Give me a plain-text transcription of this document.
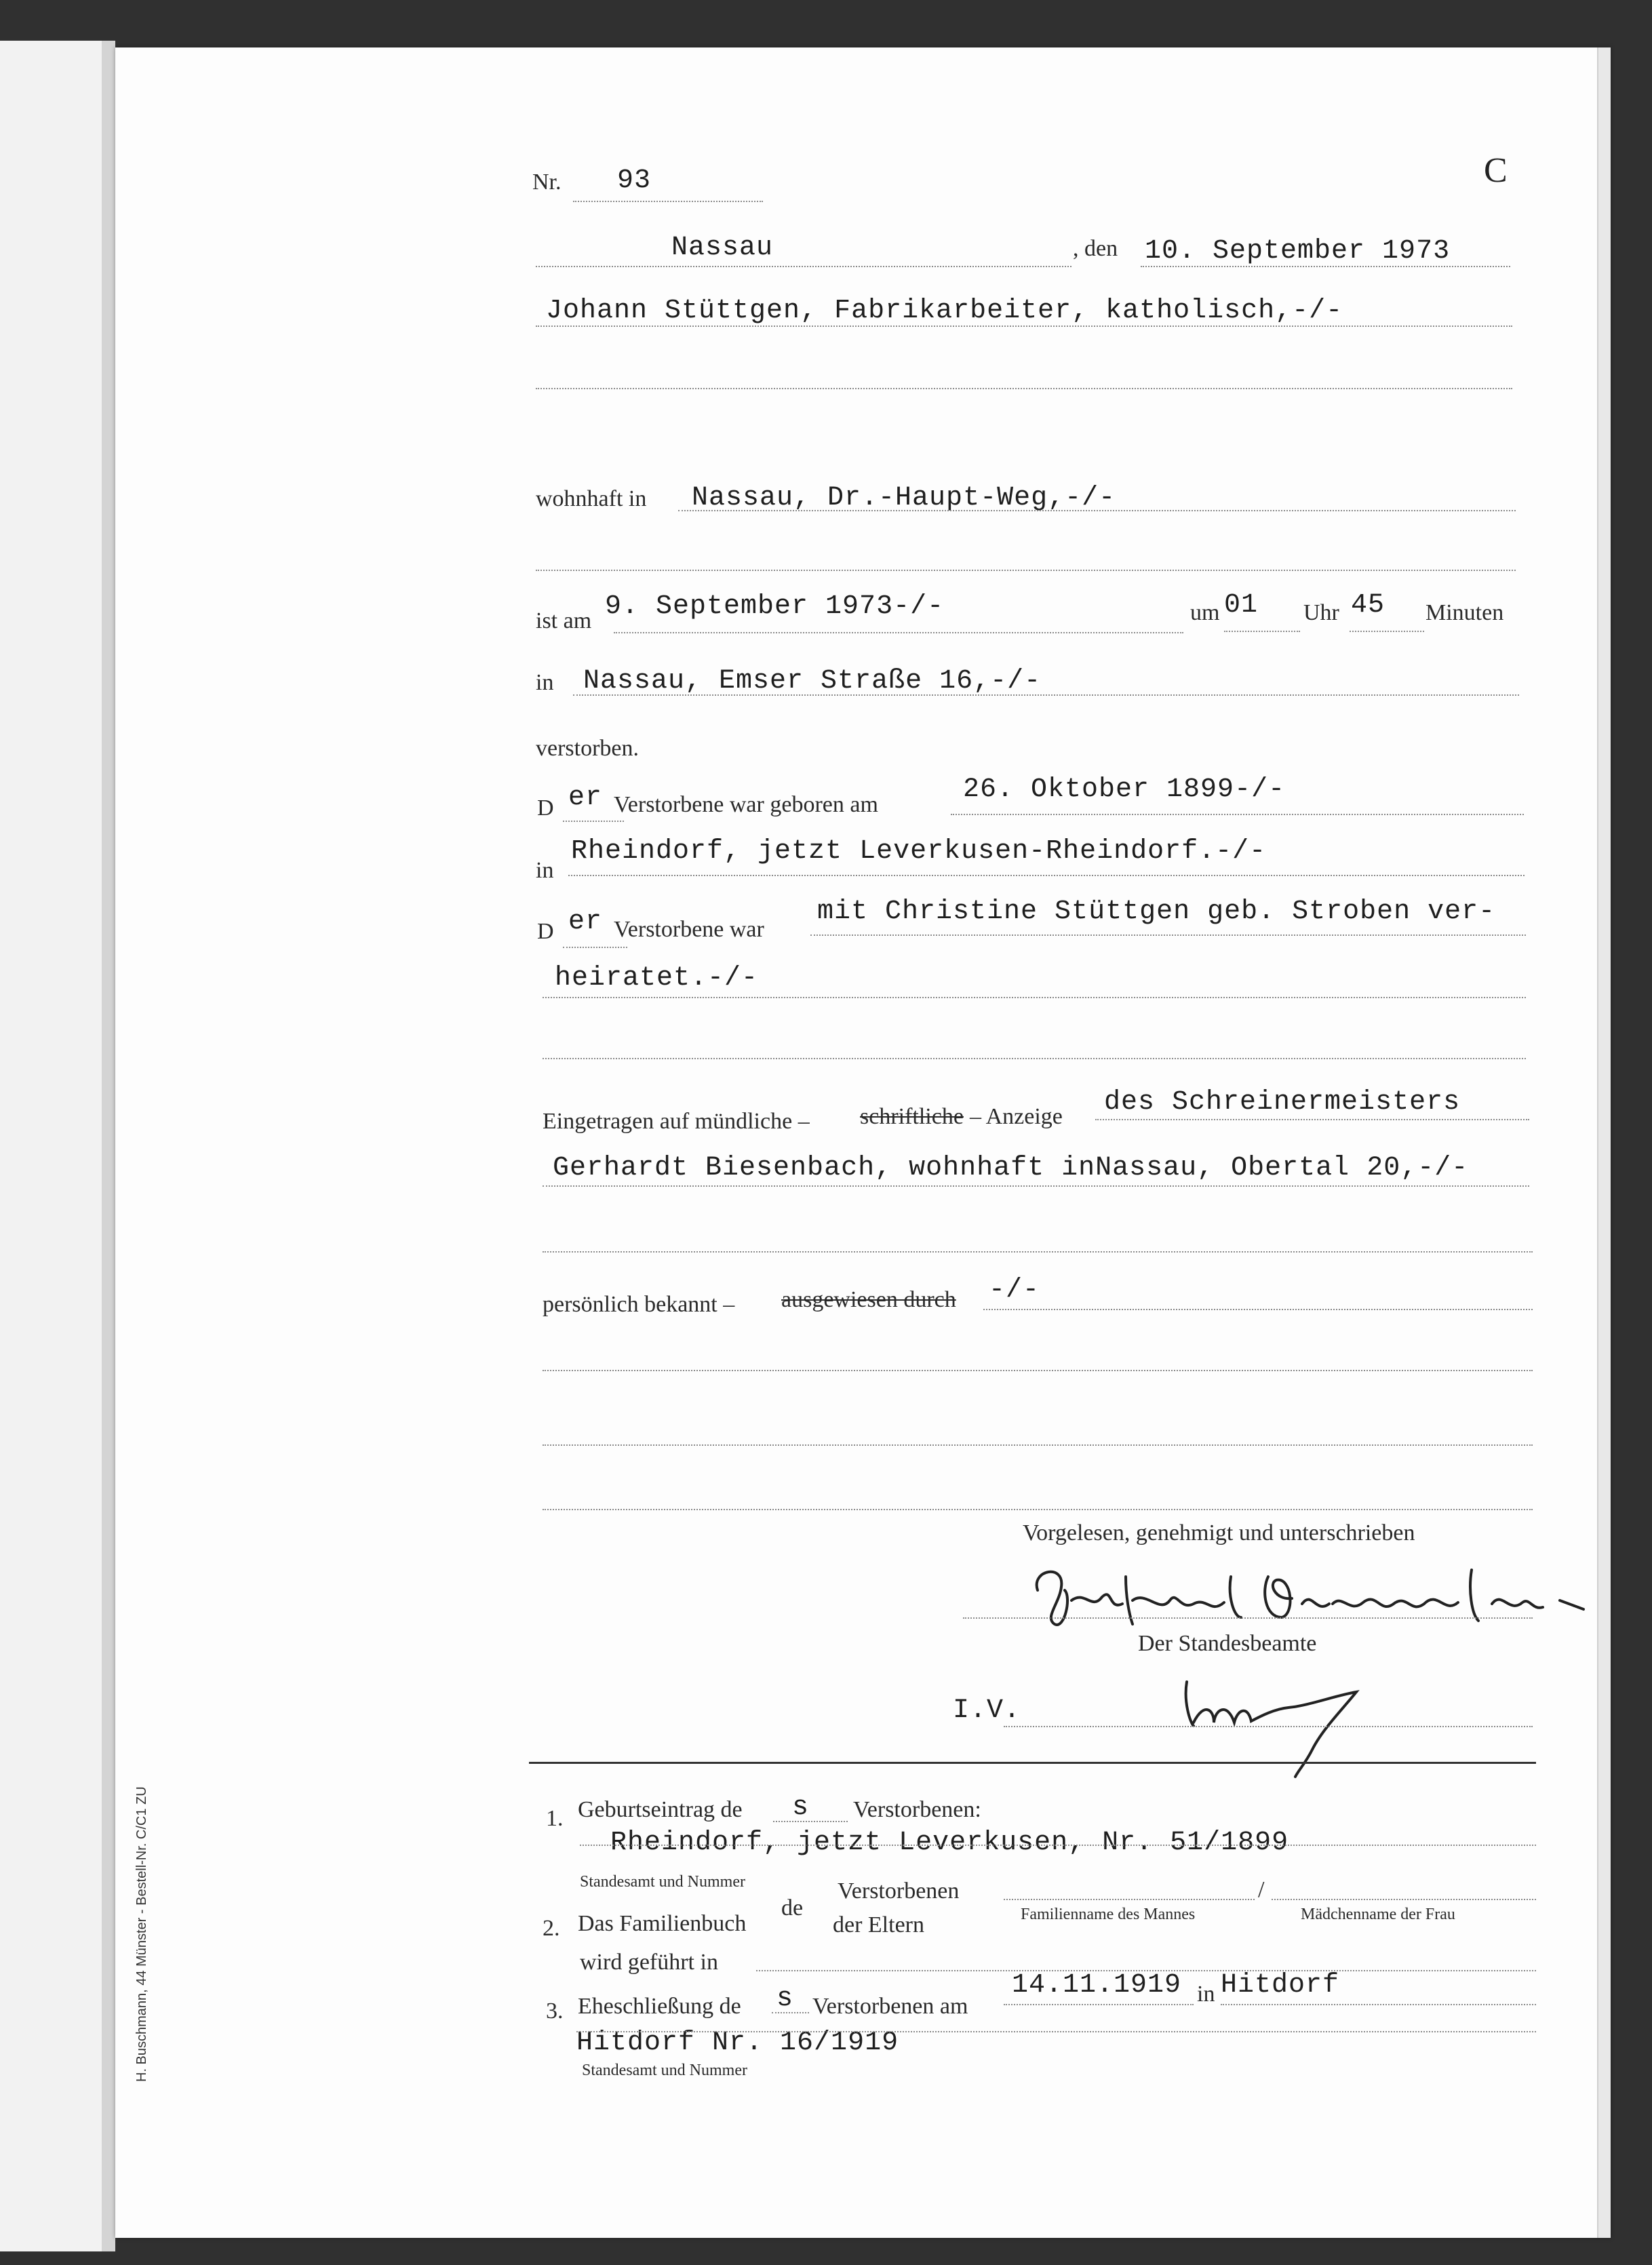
Nr. 93	C
Nassau	, den 10. September 1973
Johann Stüttgen, Fabrikarbeiter, katholisch,-/-
wohnhaft in Nassau, Dr.-Haupt-Weg,-/-
ist am 9. September 1973-/-	um 01 Uhr 45 Minuten
in Nassau, Emser Straße 16,-/-
verstorben.
D er Verstorbene war geboren am	26. Oktober 1899-/-
in
Rheindorf, jetzt Leverkusen-Rheindorf.-/-
D er Verstorbene war
mit Christine Stüttgen geb. Stroben ver-
heiratet.-/-
Eingetragen auf mündliche – schriftliche – Anzeige des Schreinermeisters
Gerhardt Biesenbach, wohnhaft inNassau, Obertal 20,-/-
persönlich bekannt – ausgewiesen durch -/-
Vorgelesen, genehmigt und unterschrieben
Der Standesbeamte
I.V.
1. Geburtseintrag de s Verstorbenen:
Rheindorf, jetzt Leverkusen, Nr. 51/1899
Standesamt und Nummer
2. Das Familienbuch
de
Verstorbenen
der Eltern	Familienname des Mannes
/
Mädchenname der Frau
wird geführt in
3. Eheschließung de s Verstorbenen am
14.11.1919 in Hitdorf
Hitdorf Nr. 16/1919
Standesamt und Nummer
H. Buschmann, 44 Münster - Bestell-Nr. C/C1 ZU
